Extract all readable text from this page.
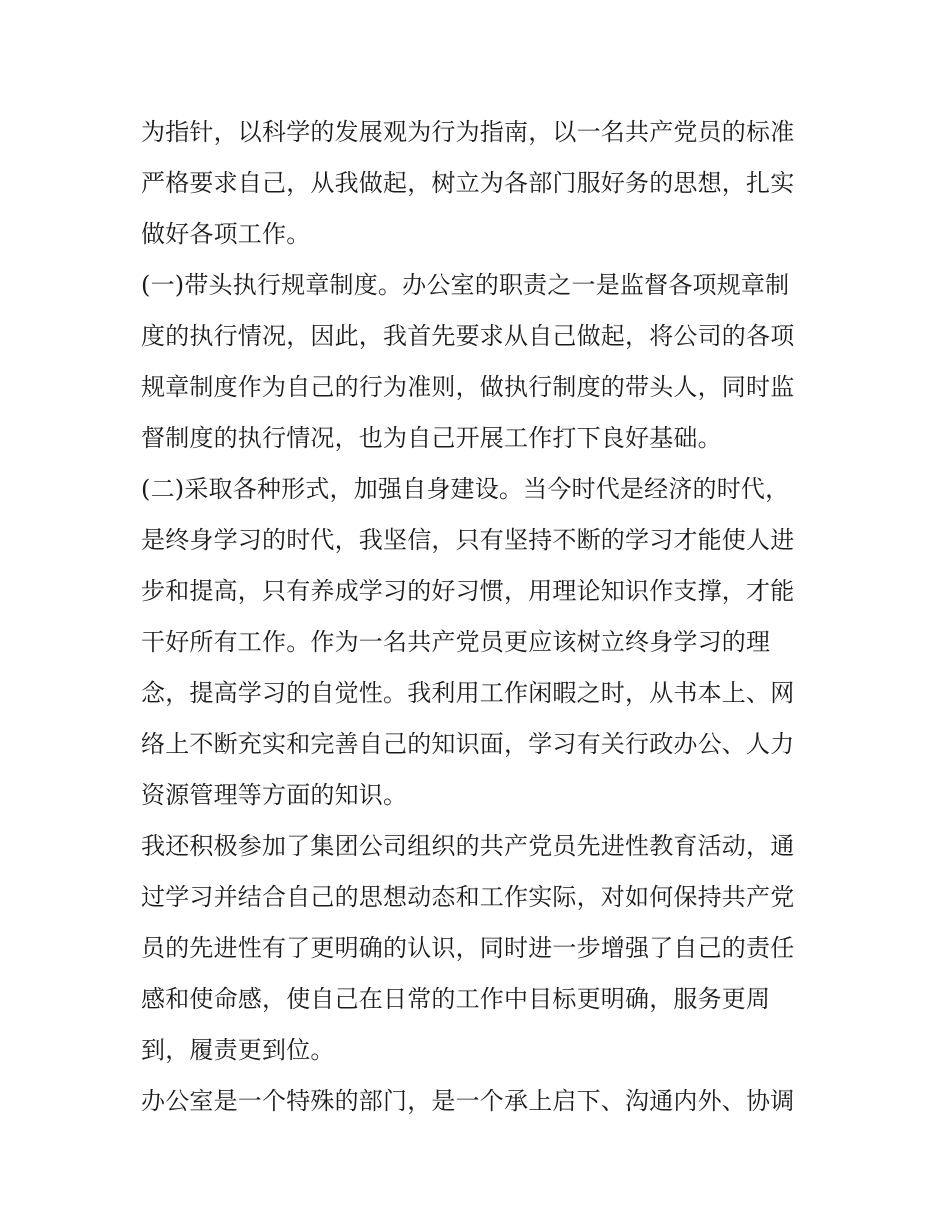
为指针，以科学的发展观为行为指南，以一名共产党员的标准
严格要求自己，从我做起，树立为各部门服好务的思想，扎实
做好各项工作。
(一)带头执行规章制度。办公室的职责之一是监督各项规章制
度的执行情况，因此，我首先要求从自己做起，将公司的各项
规章制度作为自己的行为准则，做执行制度的带头人，同时监
督制度的执行情况，也为自己开展工作打下良好基础。
(二)采取各种形式，加强自身建设。当今时代是经济的时代，
是终身学习的时代，我坚信，只有坚持不断的学习才能使人进
步和提高，只有养成学习的好习惯，用理论知识作支撑，才能
干好所有工作。作为一名共产党员更应该树立终身学习的理
念，提高学习的自觉性。我利用工作闲暇之时，从书本上、网
络上不断充实和完善自己的知识面，学习有关行政办公、人力
资源管理等方面的知识。
我还积极参加了集团公司组织的共产党员先进性教育活动，通
过学习并结合自己的思想动态和工作实际，对如何保持共产党
员的先进性有了更明确的认识，同时进一步增强了自己的责任
感和使命感，使自己在日常的工作中目标更明确，服务更周
到，履责更到位。
办公室是一个特殊的部门，是一个承上启下、沟通内外、协调
